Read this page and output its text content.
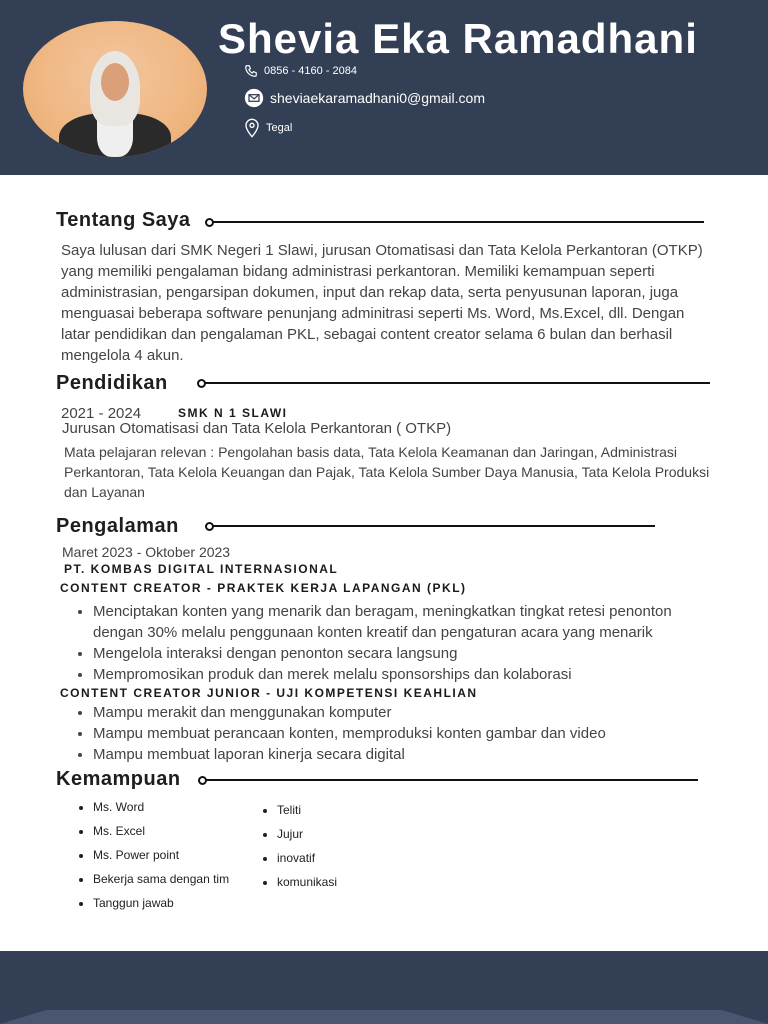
Shevia Eka Ramadhani
0856 - 4160 - 2084
sheviaekaramadhani0@gmail.com
Tegal
Tentang Saya
Saya lulusan dari SMK Negeri 1 Slawi, jurusan Otomatisasi dan Tata Kelola Perkantoran (OTKP) yang memiliki pengalaman bidang administrasi perkantoran. Memiliki kemampuan seperti administrasian, pengarsipan dokumen, input dan rekap data, serta penyusunan laporan, juga menguasai beberapa software penunjang adminitrasi seperti Ms. Word, Ms.Excel, dll. Dengan latar pendidikan dan pengalaman PKL, sebagai content creator selama 6 bulan dan berhasil mengelola 4 akun.
Pendidikan
2021 - 2024	SMK N 1 SLAWI
Jurusan Otomatisasi dan Tata Kelola Perkantoran ( OTKP)
Mata pelajaran relevan : Pengolahan basis data, Tata Kelola Keamanan dan Jaringan, Administrasi Perkantoran, Tata Kelola Keuangan dan Pajak, Tata Kelola Sumber Daya Manusia, Tata Kelola Produksi dan Layanan
Pengalaman
Maret 2023 - Oktober 2023
PT. KOMBAS DIGITAL INTERNASIONAL
CONTENT CREATOR - PRAKTEK KERJA LAPANGAN (PKL)
• Menciptakan konten yang menarik dan beragam, meningkatkan tingkat retesi penonton dengan 30% melalu penggunaan konten kreatif dan pengaturan acara yang menarik
• Mengelola interaksi dengan penonton secara langsung
• Mempromosikan produk dan merek melalu sponsorships dan kolaborasi
CONTENT CREATOR JUNIOR - UJI KOMPETENSI KEAHLIAN
• Mampu merakit dan menggunakan komputer
• Mampu membuat perancaan konten, memproduksi konten gambar dan video
• Mampu membuat laporan kinerja secara digital
Kemampuan
• Ms. Word
• Ms. Excel
• Ms. Power point
• Bekerja sama dengan tim
• Tanggun jawab
• Teliti
• Jujur
• inovatif
• komunikasi
